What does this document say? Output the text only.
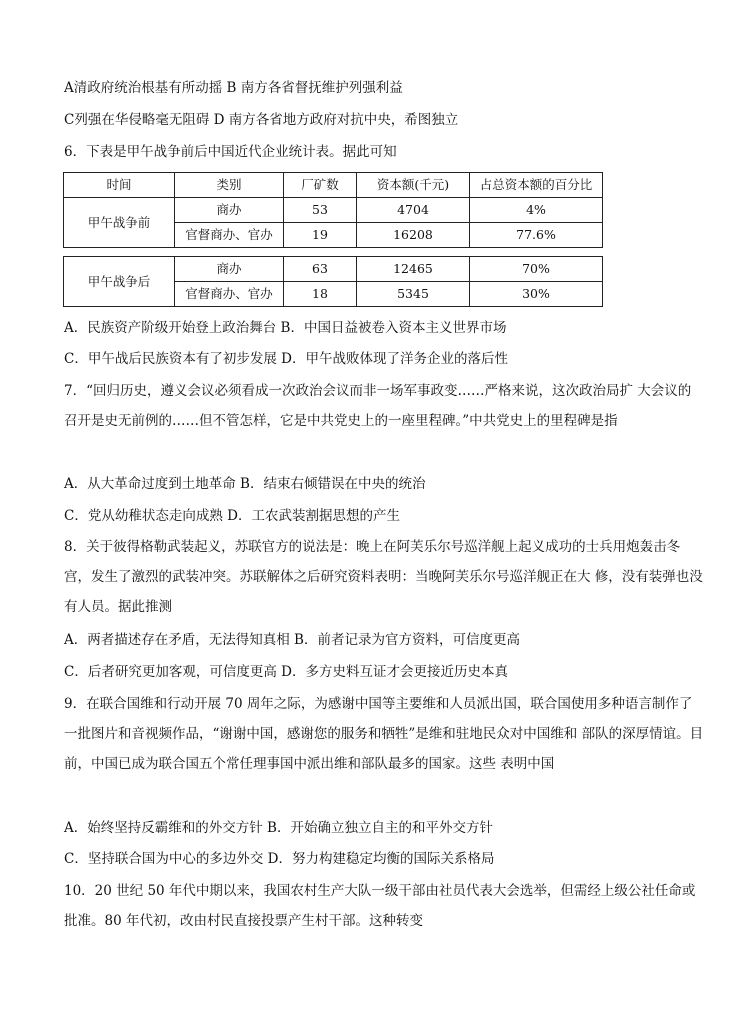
A清政府统治根基有所动摇 B 南方各省督抚维护列强利益
C列强在华侵略毫无阻碍 D 南方各省地方政府对抗中央，希图独立
6．下表是甲午战争前后中国近代企业统计表。据此可知
时间	类别	厂矿数	资本额(千元)	占总资本额的百分比
甲午战争前	商办	53	4704	4%
	官督商办、官办	19	16208	77.6%
甲午战争后	商办	63	12465	70%
	官督商办、官办	18	5345	30%
A．民族资产阶级开始登上政治舞台 B．中国日益被卷入资本主义世界市场
C．甲午战后民族资本有了初步发展 D．甲午战败体现了洋务企业的落后性
7．“回归历史，遵义会议必须看成一次政治会议而非一场军事政变……严格来说，这次政治局扩 大会议的召开是史无前例的……但不管怎样，它是中共党史上的一座里程碑。”中共党史上的里程碑是指
A．从大革命过度到土地革命 B．结束右倾错误在中央的统治
C．党从幼稚状态走向成熟 D．工农武装割据思想的产生
8．关于彼得格勒武装起义，苏联官方的说法是：晚上在阿芙乐尔号巡洋舰上起义成功的士兵用炮轰击冬宫，发生了激烈的武装冲突。苏联解体之后研究资料表明：当晚阿芙乐尔号巡洋舰正在大 修，没有装弹也没有人员。据此推测
A．两者描述存在矛盾，无法得知真相 B．前者记录为官方资料，可信度更高
C．后者研究更加客观，可信度更高 D．多方史料互证才会更接近历史本真
9．在联合国维和行动开展 70 周年之际，为感谢中国等主要维和人员派出国，联合国使用多种语言制作了一批图片和音视频作品，“谢谢中国，感谢您的服务和牺牲”是维和驻地民众对中国维和 部队的深厚情谊。目前，中国已成为联合国五个常任理事国中派出维和部队最多的国家。这些 表明中国
A．始终坚持反霸维和的外交方针 B．开始确立独立自主的和平外交方针
C．坚持联合国为中心的多边外交 D．努力构建稳定均衡的国际关系格局
10．20 世纪 50 年代中期以来，我国农村生产大队一级干部由社员代表大会选举，但需经上级公社任命或批准。80 年代初，改由村民直接投票产生村干部。这种转变
